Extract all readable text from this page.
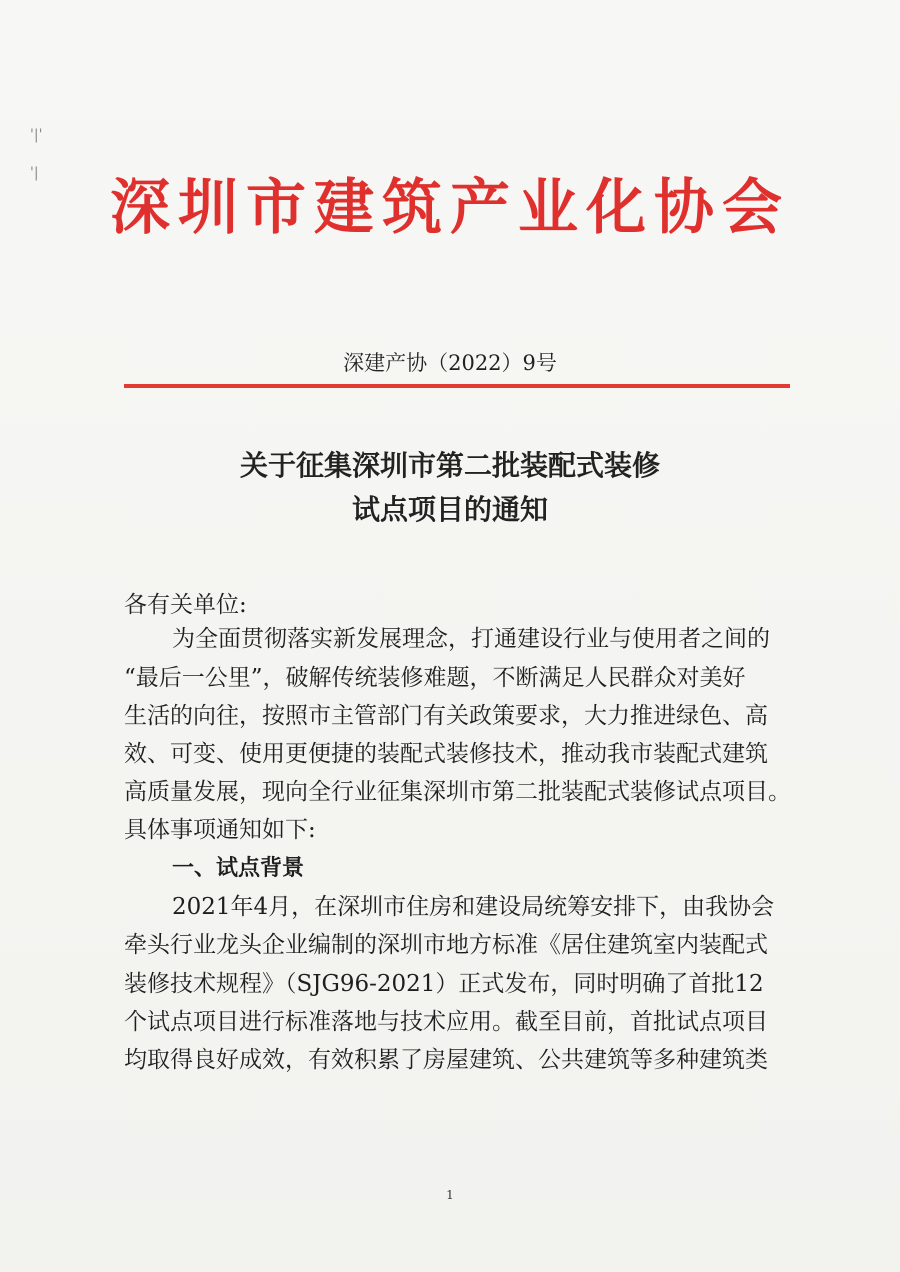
'|'
'|	深圳市建筑产业化协会
深建产协（2022）9号
关于征集深圳市第二批装配式装修
试点项目的通知
各有关单位:
为全面贯彻落实新发展理念，打通建设行业与使用者之间的
“最后一公里”，破解传统装修难题，不断满足人民群众对美好
生活的向往，按照市主管部门有关政策要求，大力推进绿色、高
效、可变、使用更便捷的装配式装修技术，推动我市装配式建筑
高质量发展，现向全行业征集深圳市第二批装配式装修试点项目。
具体事项通知如下:
一、试点背景
2021年4月，在深圳市住房和建设局统筹安排下，由我协会
牵头行业龙头企业编制的深圳市地方标准《居住建筑室内装配式
装修技术规程》（SJG96-2021）正式发布，同时明确了首批12
个试点项目进行标准落地与技术应用。截至目前，首批试点项目
均取得良好成效，有效积累了房屋建筑、公共建筑等多种建筑类
1
